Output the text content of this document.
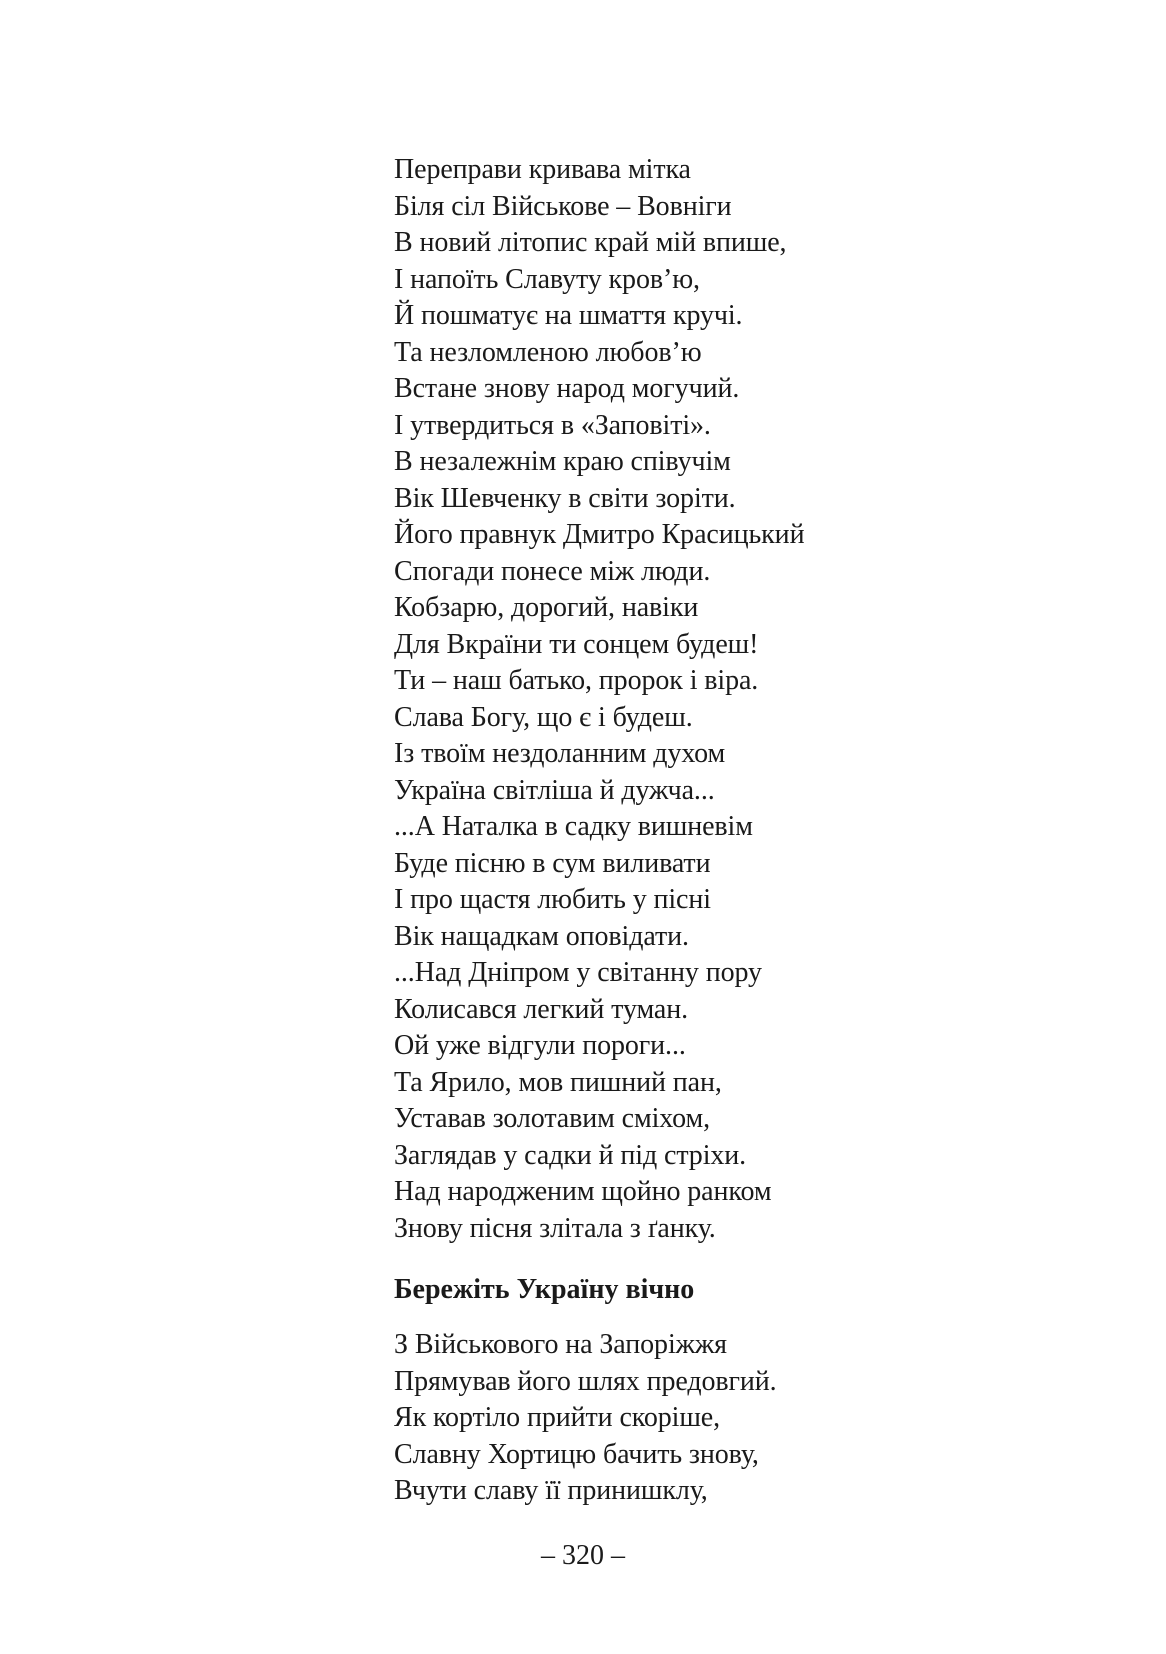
Переправи кривава мітка
Біля сіл Військове – Вовніги
В новий літопис край мій впише,
І напоїть Славуту кров’ю,
Й пошматує на шмаття кручі.
Та незломленою любов’ю
Встане знову народ могучий.
І утвердиться в «Заповіті».
В незалежнім краю співучім
Вік Шевченку в світи зоріти.
Його правнук Дмитро Красицький
Спогади понесе між люди.
Кобзарю, дорогий, навіки
Для Вкраїни ти сонцем будеш!
Ти – наш батько, пророк і віра.
Слава Богу, що є і будеш.
Із твоїм нездоланним духом
Україна світліша й дужча...
...А Наталка в садку вишневім
Буде пісню в сум виливати
І про щастя любить у пісні
Вік нащадкам оповідати.
...Над Дніпром у світанну пору
Колисався легкий туман.
Ой уже відгули пороги...
Та Ярило, мов пишний пан,
Уставав золотавим сміхом,
Заглядав у садки й під стріхи.
Над народженим щойно ранком
Знову пісня злітала з ґанку.
Бережіть Україну вічно
З Військового на Запоріжжя
Прямував його шлях предовгий.
Як кортіло прийти скоріше,
Славну Хортицю бачить знову,
Вчути славу її принишклу,
– 320 –
